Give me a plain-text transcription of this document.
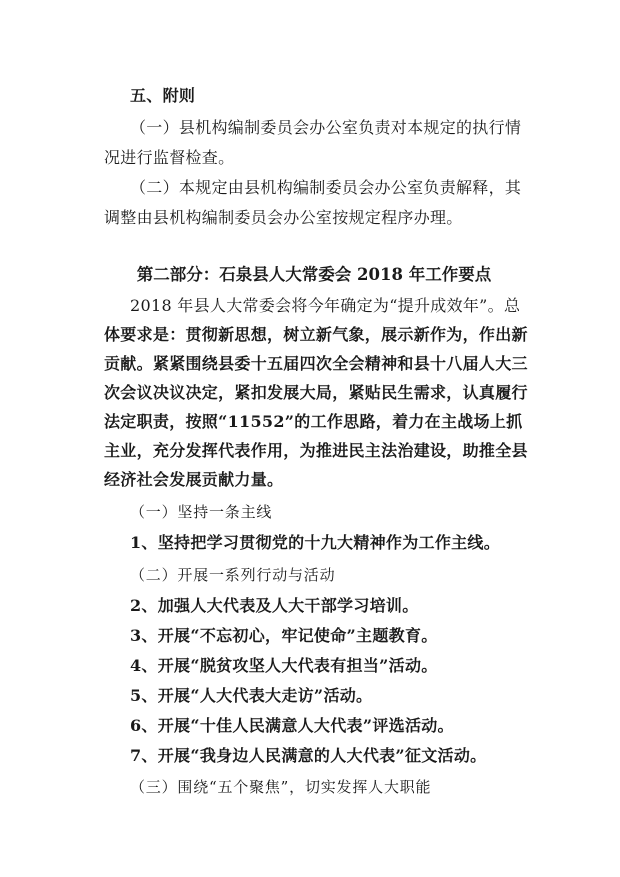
五、附则
（一）县机构编制委员会办公室负责对本规定的执行情
况进行监督检查。
（二）本规定由县机构编制委员会办公室负责解释，其
调整由县机构编制委员会办公室按规定程序办理。
第二部分：石泉县人大常委会 2018 年工作要点
2018 年县人大常委会将今年确定为“提升成效年”。总
体要求是：贯彻新思想，树立新气象，展示新作为，作出新
贡献。紧紧围绕县委十五届四次全会精神和县十八届人大三
次会议决议决定，紧扣发展大局，紧贴民生需求，认真履行
法定职责，按照“11552”的工作思路，着力在主战场上抓
主业，充分发挥代表作用，为推进民主法治建设，助推全县
经济社会发展贡献力量。
（一）坚持一条主线
1、坚持把学习贯彻党的十九大精神作为工作主线。
（二）开展一系列行动与活动
2、加强人大代表及人大干部学习培训。
3、开展“不忘初心，牢记使命”主题教育。
4、开展“脱贫攻坚人大代表有担当”活动。
5、开展“人大代表大走访”活动。
6、开展“十佳人民满意人大代表”评选活动。
7、开展“我身边人民满意的人大代表”征文活动。
（三）围绕“五个聚焦”，切实发挥人大职能
